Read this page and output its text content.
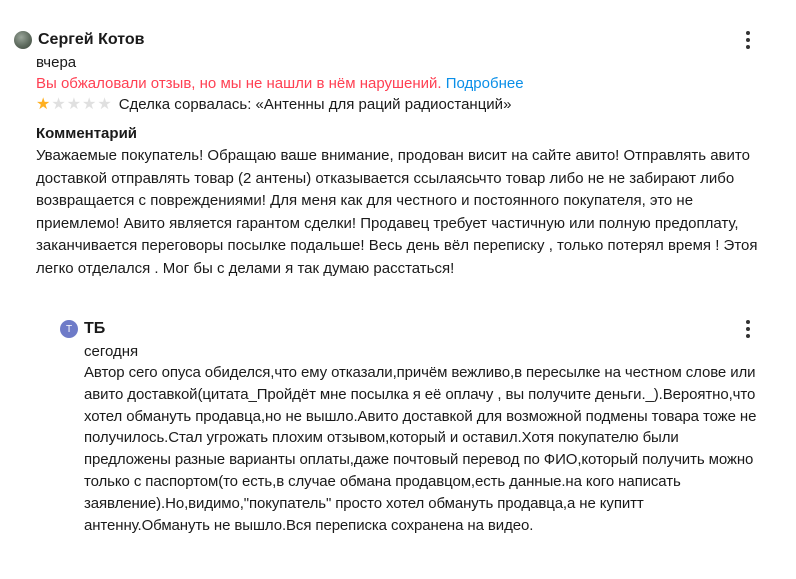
Сергей Котов
вчера
Вы обжаловали отзыв, но мы не нашли в нём нарушений. Подробнее
★ ★ ★ ★ ★ Сделка сорвалась: «Антенны для раций радиостанций»
Комментарий
Уважаемые покупатель! Обращаю ваше внимание, продован висит на сайте авито! Отправлять авито доставкой отправлять товар (2 антены) отказывается ссылаясьчто товар либо не не забирают либо возвращается с повреждениями! Для меня как для честного и постоянного покупателя, это не приемлемо! Авито является гарантом сделки! Продавец требует частичную или полную предоплату, заканчивается переговоры посылке подальше! Весь день вёл переписку , только потерял время ! Этоя легко отделался . Мог бы с делами я так думаю расстаться!
Т ТБ
сегодня
Автор сего опуса обиделся,что ему отказали,причём вежливо,в пересылке на честном слове или авито доставкой(цитата_Пройдёт мне посылка я её оплачу , вы получите деньги._).Вероятно,что хотел обмануть продавца,но не вышло.Авито доставкой для возможной подмены товара тоже не получилось.Стал угрожать плохим отзывом,который и оставил.Хотя покупателю были предложены разные варианты оплаты,даже почтовый перевод по ФИО,который получить можно только с паспортом(то есть,в случае обмана продавцом,есть данные.на кого написать заявление).Но,видимо,"покупатель" просто хотел обмануть продавца,а не купитт антенну.Обмануть не вышло.Вся переписка сохранена на видео.
